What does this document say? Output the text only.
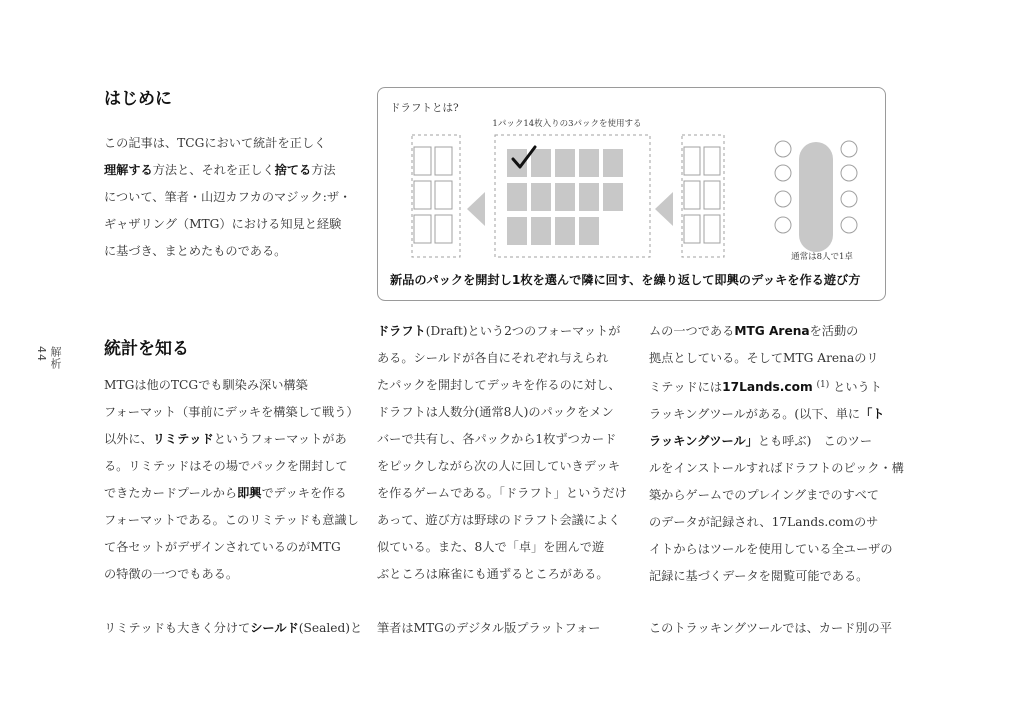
解析
44
はじめに
この記事は、TCGにおいて統計を正しく
理解する方法と、それを正しく捨てる方法
について、筆者・山辺カフカのマジック:ザ・
ギャザリング（MTG）における知見と経験
に基づき、まとめたものである。
統計を知る
MTGは他のTCGでも馴染み深い構築
フォーマット（事前にデッキを構築して戦う）
以外に、リミテッドというフォーマットがあ
る。リミテッドはその場でパックを開封して
できたカードプールから即興でデッキを作る
フォーマットである。このリミテッドも意識し
て各セットがデザインされているのがMTG
の特徴の一つでもある。
リミテッドも大きく分けてシールド(Sealed)と
ドラフト(Draft)という2つのフォーマットが
ある。シールドが各自にそれぞれ与えられ
たパックを開封してデッキを作るのに対し、
ドラフトは人数分(通常8人)のパックをメン
バーで共有し、各パックから1枚ずつカード
をピックしながら次の人に回していきデッキ
を作るゲームである。「ドラフト」というだけ
あって、遊び方は野球のドラフト会議によく
似ている。また、8人で「卓」を囲んで遊
ぶところは麻雀にも通ずるところがある。
筆者はMTGのデジタル版プラットフォー
ムの一つであるMTG Arenaを活動の
拠点としている。そしてMTG Arenaのリ
ミテッドには17Lands.com $^{(1)}$ というト
ラッキングツールがある。(以下、単に「ト
ラッキングツール」とも呼ぶ)　このツー
ルをインストールすればドラフトのピック・構
築からゲームでのプレイングまでのすべて
のデータが記録され、17Lands.comのサ
イトからはツールを使用している全ユーザの
記録に基づくデータを閲覧可能である。
このトラッキングツールでは、カード別の平

ドラフトとは?

1パック14枚入りの3パックを使用する

通常は8人で1卓

新品のパックを開封し1枚を選んで隣に回す、を繰り返して即興のデッキを作る遊び方
